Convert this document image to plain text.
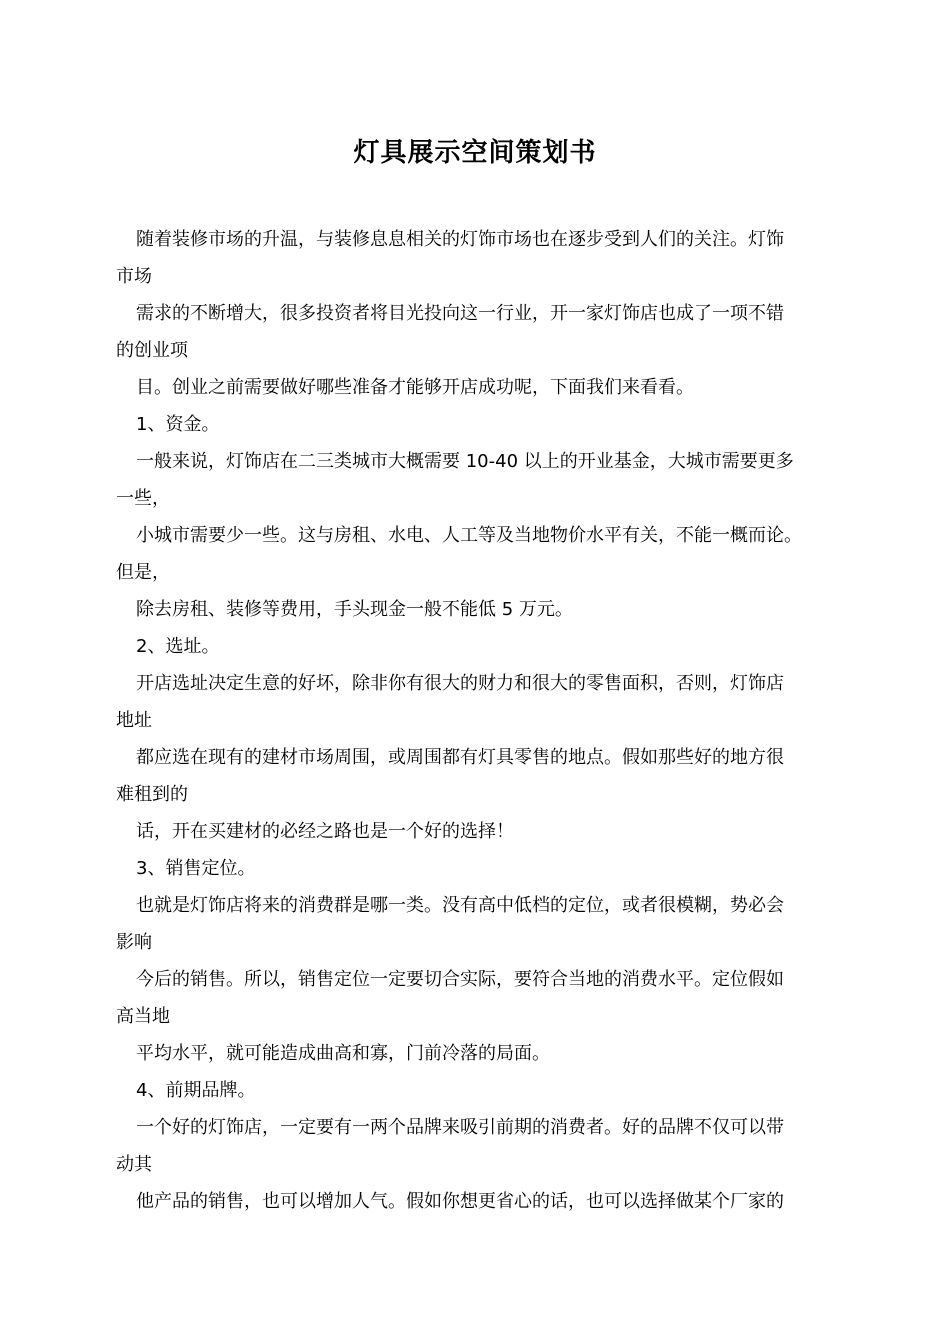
灯具展示空间策划书
随着装修市场的升温，与装修息息相关的灯饰市场也在逐步受到人们的关注。灯饰
市场
需求的不断增大，很多投资者将目光投向这一行业，开一家灯饰店也成了一项不错
的创业项
目。创业之前需要做好哪些准备才能够开店成功呢，下面我们来看看。
1、资金。
一般来说，灯饰店在二三类城市大概需要 10-40 以上的开业基金，大城市需要更多
一些，
小城市需要少一些。这与房租、水电、人工等及当地物价水平有关，不能一概而论。
但是，
除去房租、装修等费用，手头现金一般不能低 5 万元。
2、选址。
开店选址决定生意的好坏，除非你有很大的财力和很大的零售面积，否则，灯饰店
地址
都应选在现有的建材市场周围，或周围都有灯具零售的地点。假如那些好的地方很
难租到的
话，开在买建材的必经之路也是一个好的选择！
3、销售定位。
也就是灯饰店将来的消费群是哪一类。没有高中低档的定位，或者很模糊，势必会
影响
今后的销售。所以，销售定位一定要切合实际，要符合当地的消费水平。定位假如
高当地
平均水平，就可能造成曲高和寡，门前冷落的局面。
4、前期品牌。
一个好的灯饰店，一定要有一两个品牌来吸引前期的消费者。好的品牌不仅可以带
动其
他产品的销售，也可以增加人气。假如你想更省心的话，也可以选择做某个厂家的
